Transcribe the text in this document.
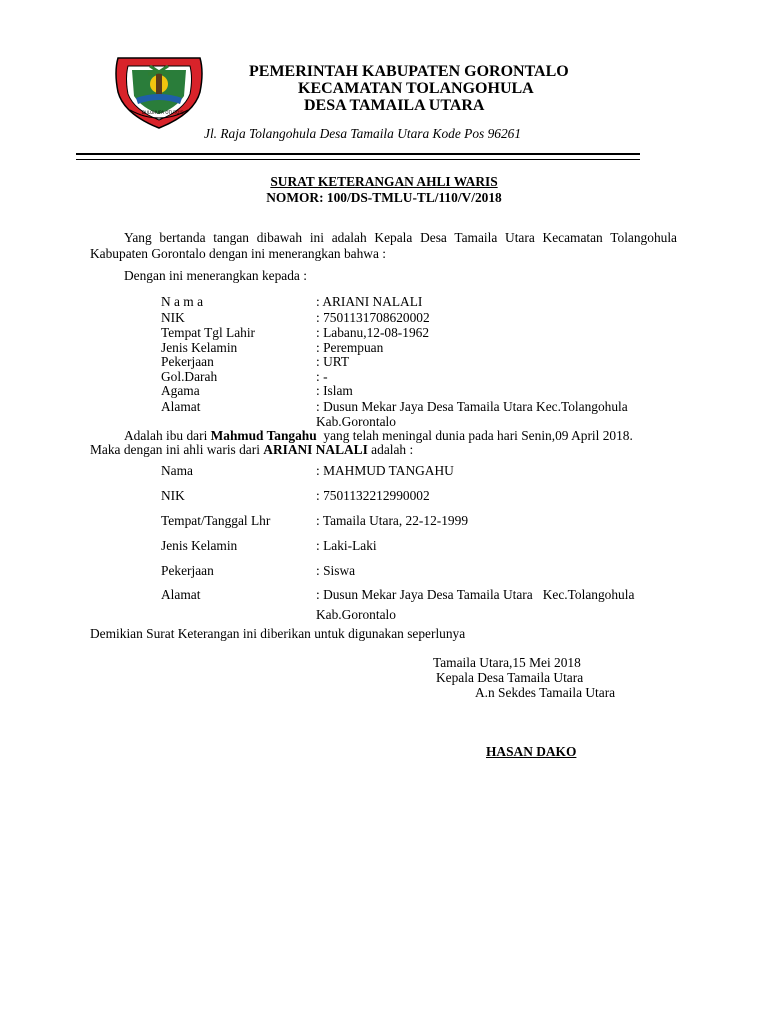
DULOHUPA OTUTO'O
PEMERINTAH KABUPATEN GORONTALO
KECAMATAN TOLANGOHULA
DESA TAMAILA UTARA
Jl. Raja Tolangohula Desa Tamaila Utara Kode Pos 96261
SURAT KETERANGAN AHLI WARIS
NOMOR: 100/DS-TMLU-TL/110/V/2018
Yang bertanda tangan dibawah ini adalah Kepala Desa Tamaila Utara Kecamatan Tolangohula Kabupaten Gorontalo dengan ini menerangkan bahwa :
Dengan ini menerangkan kepada :
N a m a	: ARIANI NALALI
NIK	: 7501131708620002
Tempat Tgl Lahir	: Labanu,12-08-1962
Jenis Kelamin	: Perempuan
Pekerjaan	: URT
Gol.Darah	: -
Agama	: Islam
Alamat	: Dusun Mekar Jaya Desa Tamaila Utara Kec.Tolangohula
Kab.Gorontalo
Adalah ibu dari Mahmud Tangahu  yang telah meningal dunia pada hari Senin,09 April 2018.
Maka dengan ini ahli waris dari ARIANI NALALI adalah :
Nama	: MAHMUD TANGAHU
NIK	: 7501132212990002
Tempat/Tanggal Lhr	: Tamaila Utara, 22-12-1999
Jenis Kelamin	: Laki-Laki
Pekerjaan	: Siswa
Alamat	: Dusun Mekar Jaya Desa Tamaila Utara   Kec.Tolangohula
Kab.Gorontalo
Demikian Surat Keterangan ini diberikan untuk digunakan seperlunya
Tamaila Utara,15 Mei 2018
Kepala Desa Tamaila Utara
A.n Sekdes Tamaila Utara
HASAN DAKO
